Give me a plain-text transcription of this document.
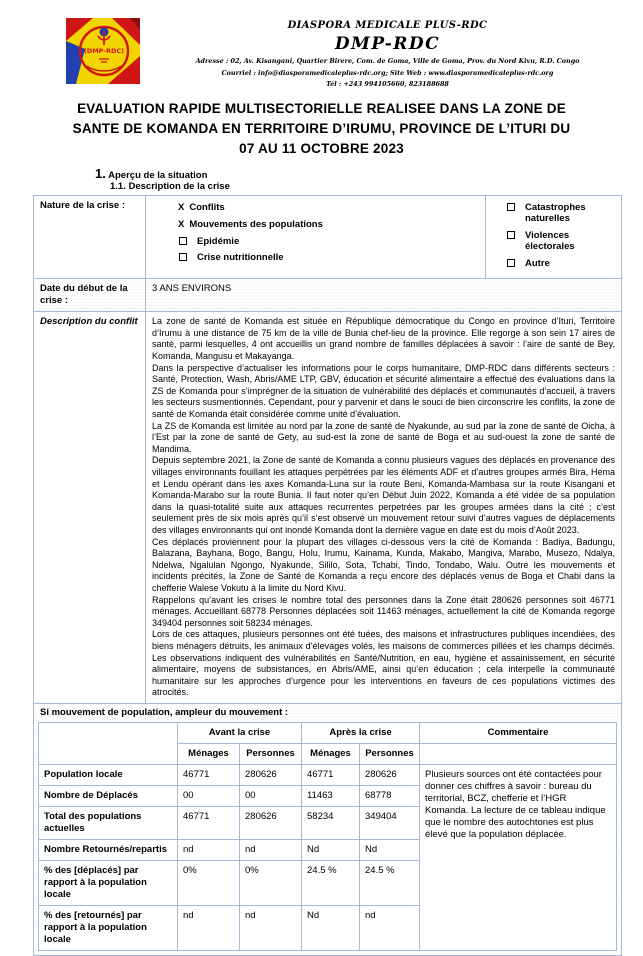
(DMP-RDC)
DIASPORA MEDICALE PLUS-RDC
DMP-RDC
Adresse : 02, Av. Kisangani, Quartier Birere, Com. de Goma, Ville de Goma, Prov. du Nord Kivu, R.D. Congo
Courriel : info@diasporamedicaleplus-rdc.org; Site Web : www.diasporamedicaleplus-rdc.org
Tél : +243 994105660, 823188688
EVALUATION RAPIDE MULTISECTORIELLE REALISEE DANS LA ZONE DE
SANTE DE KOMANDA EN TERRITOIRE D’IRUMU, PROVINCE DE L’ITURI DU
07 AU 11 OCTOBRE 2023
1. Aperçu de la situation
1.1. Description de la crise
Nature de la crise :	X Conflits
X Mouvements des populations
Epidémie
Crise nutritionnelle

Catastrophes naturelles
Violences électorales
Autre

Date du début de la crise :	3 ANS ENVIRONS
Description du conflit	La zone de santé de Komanda est située en République démocratique du Congo en province d’Ituri, Territoire d’Irumu à une distance de 75 km de la ville de Bunia chef-lieu de la province. Elle regorge à son sein 17 aires de santé, parmi lesquelles, 4 ont accueillis un grand nombre de familles déplacées à savoir : l’aire de santé de Bey, Komanda, Mangusu et Makayanga.

Dans la perspective d’actualiser les informations pour le corps humanitaire, DMP-RDC dans différents secteurs : Santé, Protection, Wash, Abris/AME LTP, GBV, éducation et sécurité alimentaire a effectué des évaluations dans la ZS de Komanda pour s’imprégner de la situation de vulnérabilité des déplacés et communautés d’accueil, à travers les secteurs susmentionnés. Cependant, pour y parvenir et dans le souci de bien circonscrire les conflits, la zone de santé de Komanda était considérée comme unité d’évaluation.

La ZS de Komanda est limitée au nord par la zone de santé de Nyakunde, au sud par la zone de santé de Oicha, à l’Est par la zone de santé de Gety, au sud-est la zone de santé de Boga et au sud-ouest la zone de santé de Mandima.

Depuis septembre 2021, la Zone de santé de Komanda a connu plusieurs vagues des déplacés en provenance des villages environnants fouillant les attaques perpétrées par les éléments ADF et d’autres groupes armés Bira, Hema et Lendu opérant dans les axes Komanda-Luna sur la route Beni, Komanda-Mambasa sur la route Kisangani et Komanda-Marabo sur la route Bunia. Il faut noter qu’en Début Juin 2022, Komanda a été vidée de sa population dans la quasi-totalité suite aux attaques recurrentes perpetrées par les groupes armées dans la cité ; c’est seulement près de six mois après qu’il s’est observé un mouvement retour suivi d’autres vagues de déplacements des villages environnants qui ont inondé Komanda dont la dernière vague en date est du mois d’Août 2023.

Ces déplacés proviennent pour la plupart des villages ci-dessous vers la cité de Komanda : Badiya, Badungu, Balazana, Bayhana, Bogo, Bangu, Holu, Irumu, Kainama, Kunda, Makabo, Mangiva, Marabo, Musezo, Ndalya, Ndelwa, Ngalulan Ngongo, Nyakunde, Sililo, Sota, Tchabi, Tindo, Tondabo, Walu. Outre les mouvements et incidents précités, la Zone de Santé de Komanda a reçu encore des déplacés venus de Boga et Chabi dans la chefferie Walese Vokutu à la limite du Nord Kivu.

Rappelons qu’avant les crises le nombre total des personnes dans la Zone était 280626 personnes soit 46771 ménages. Accueillant 68778 Personnes déplacées soit 11463 ménages, actuellement la cité de Komanda regorge 349404 personnes soit 58234 ménages.

Lors de ces attaques, plusieurs personnes ont été tuées, des maisons et infrastructures publiques incendiées, des biens ménagers détruits, les animaux d’élevages volés, les maisons de commerces pillées et les champs décimés. Les observations indiquent des vulnérabilités en Santé/Nutrition, en eau, hygiène et assainissement, en sécurité alimentaire, moyens de subsistances, en Abris/AME, ainsi qu’en éducation ; cela interpelle la communauté humanitaire sur les approches d’urgence pour les interventions en faveurs de ces populations victimes des atrocités.

Si mouvement de population, ampleur du mouvement :
	Avant la crise	Après la crise	Commentaire
Ménages	Personnes	Ménages	Personnes	
Population locale	46771	280626	46771	280626	Plusieurs sources ont été contactées pour donner ces chiffres à savoir : bureau du territorial, BCZ, chefferie et l’HGR Komanda. La lecture de ce tableau indique que le nombre des autochtones est plus élevé que la population déplacée.
Nombre de Déplacés	00	00	11463	68778
Total des populations actuelles	46771	280626	58234	349404
Nombre Retournés/repartis	nd	nd	Nd	Nd
% des [déplacés] par rapport à la population locale	0%	0%	24.5 %	24.5 %
% des [retournés] par rapport à la population locale	nd	nd	Nd	nd
